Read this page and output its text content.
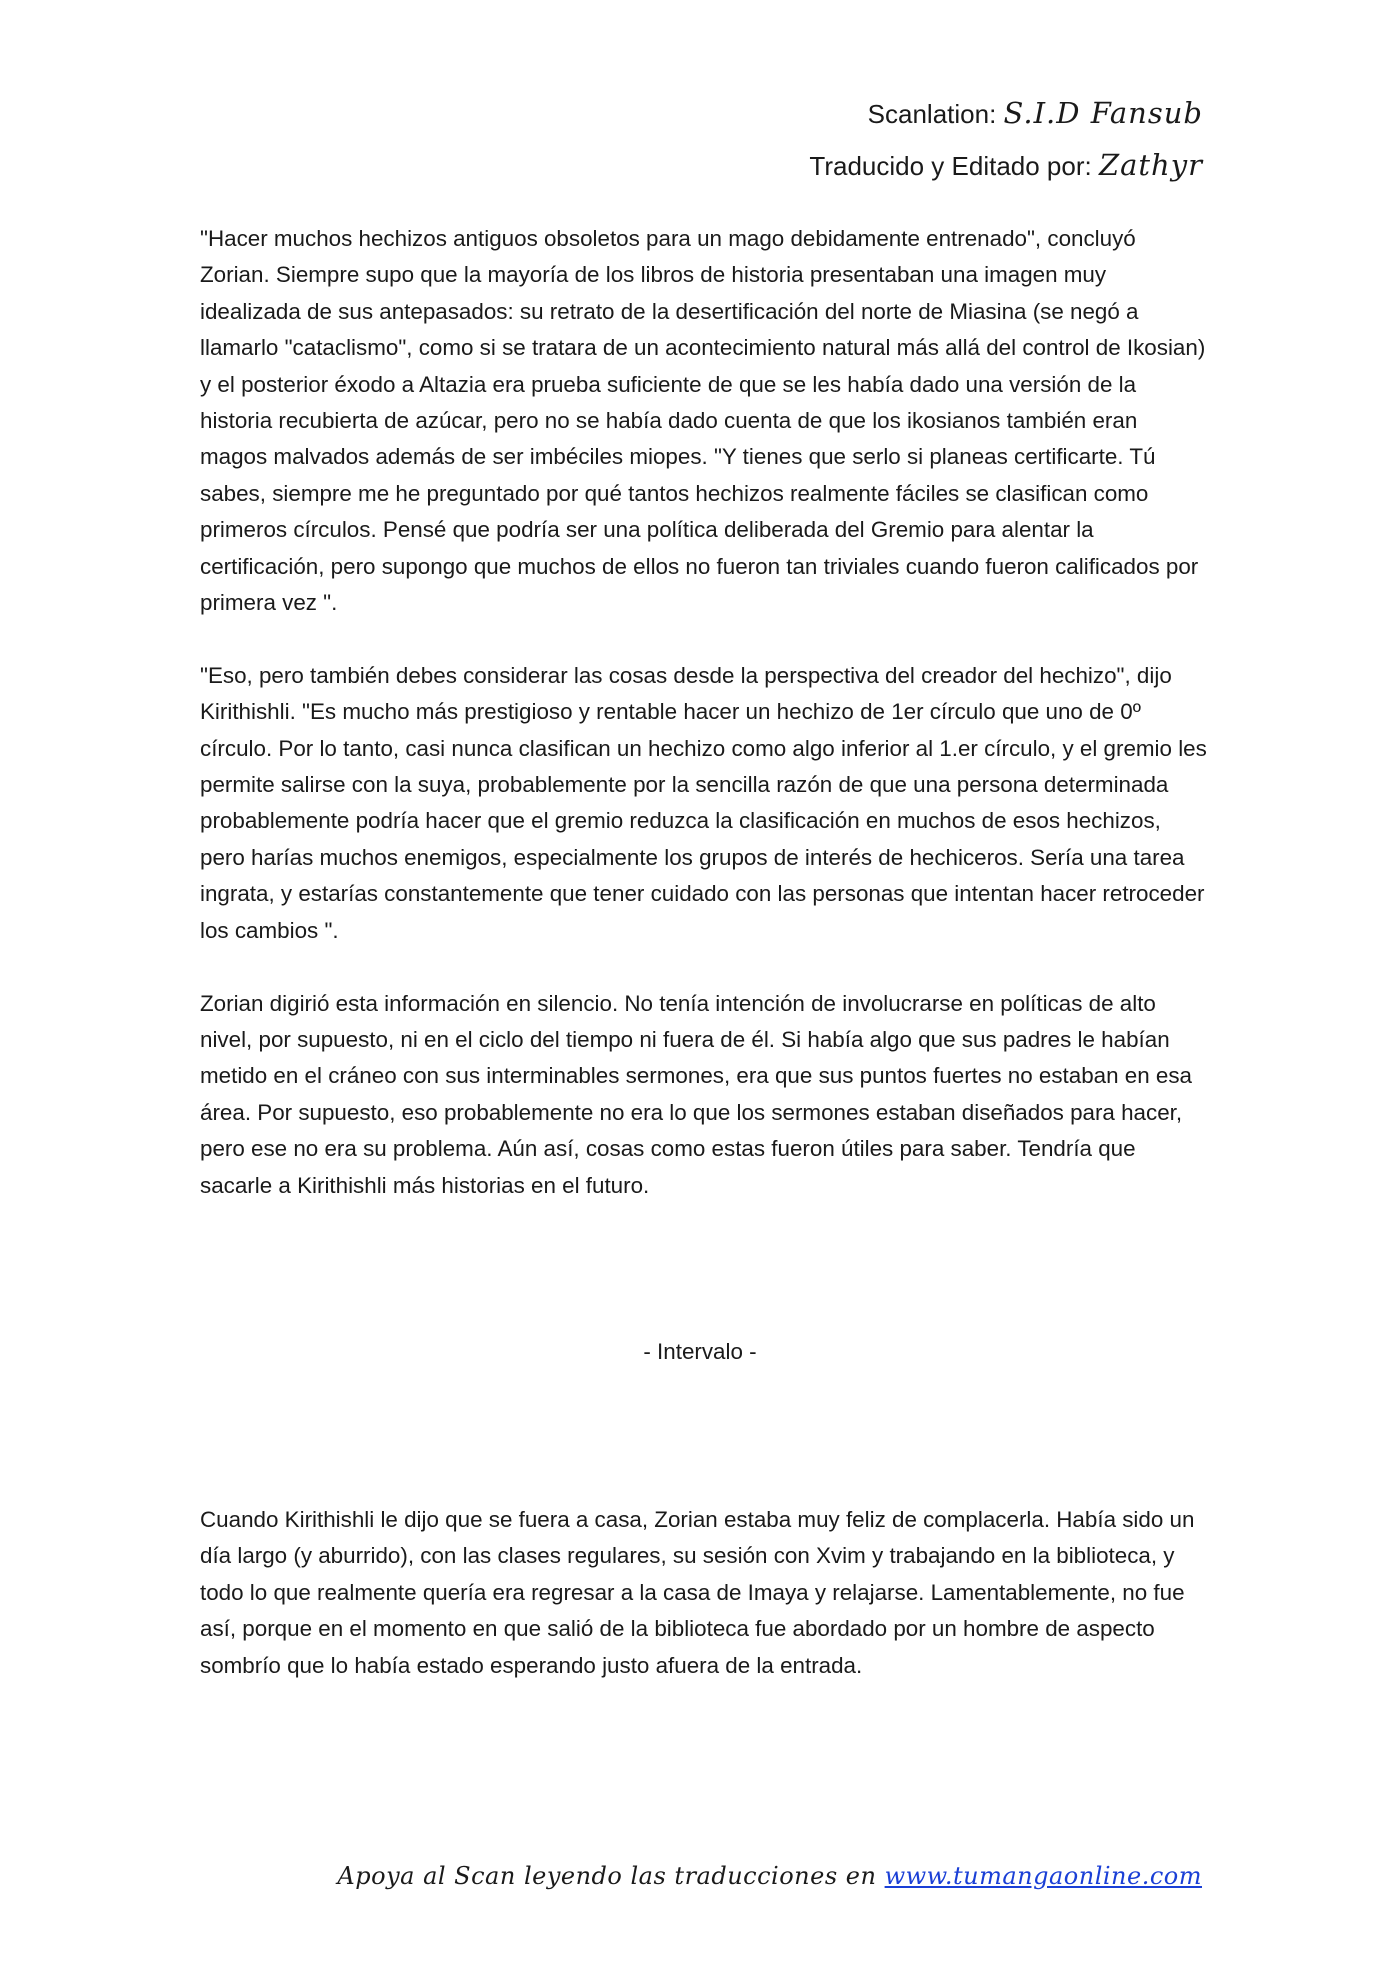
Scanlation: S.I.D Fansub
Traducido y Editado por: Zathyr

"Hacer muchos hechizos antiguos obsoletos para un mago debidamente entrenado", concluyó Zorian. Siempre supo que la mayoría de los libros de historia presentaban una imagen muy idealizada de sus antepasados: su retrato de la desertificación del norte de Miasina (se negó a llamarlo "cataclismo", como si se tratara de un acontecimiento natural más allá del control de Ikosian) y el posterior éxodo a Altazia era prueba suficiente de que se les había dado una versión de la historia recubierta de azúcar, pero no se había dado cuenta de que los ikosianos también eran magos malvados además de ser imbéciles miopes. "Y tienes que serlo si planeas certificarte. Tú sabes, siempre me he preguntado por qué tantos hechizos realmente fáciles se clasifican como primeros círculos. Pensé que podría ser una política deliberada del Gremio para alentar la certificación, pero supongo que muchos de ellos no fueron tan triviales cuando fueron calificados por primera vez ".

"Eso, pero también debes considerar las cosas desde la perspectiva del creador del hechizo", dijo Kirithishli. "Es mucho más prestigioso y rentable hacer un hechizo de 1er círculo que uno de 0º círculo. Por lo tanto, casi nunca clasifican un hechizo como algo inferior al 1.er círculo, y el gremio les permite salirse con la suya, probablemente por la sencilla razón de que una persona determinada probablemente podría hacer que el gremio reduzca la clasificación en muchos de esos hechizos, pero harías muchos enemigos, especialmente los grupos de interés de hechiceros. Sería una tarea ingrata, y estarías constantemente que tener cuidado con las personas que intentan hacer retroceder los cambios ".

Zorian digirió esta información en silencio. No tenía intención de involucrarse en políticas de alto nivel, por supuesto, ni en el ciclo del tiempo ni fuera de él. Si había algo que sus padres le habían metido en el cráneo con sus interminables sermones, era que sus puntos fuertes no estaban en esa área. Por supuesto, eso probablemente no era lo que los sermones estaban diseñados para hacer, pero ese no era su problema. Aún así, cosas como estas fueron útiles para saber. Tendría que sacarle a Kirithishli más historias en el futuro.

- Intervalo -

Cuando Kirithishli le dijo que se fuera a casa, Zorian estaba muy feliz de complacerla. Había sido un día largo (y aburrido), con las clases regulares, su sesión con Xvim y trabajando en la biblioteca, y todo lo que realmente quería era regresar a la casa de Imaya y relajarse. Lamentablemente, no fue así, porque en el momento en que salió de la biblioteca fue abordado por un hombre de aspecto sombrío que lo había estado esperando justo afuera de la entrada.

Apoya al Scan leyendo las traducciones en www.tumangaonline.com
